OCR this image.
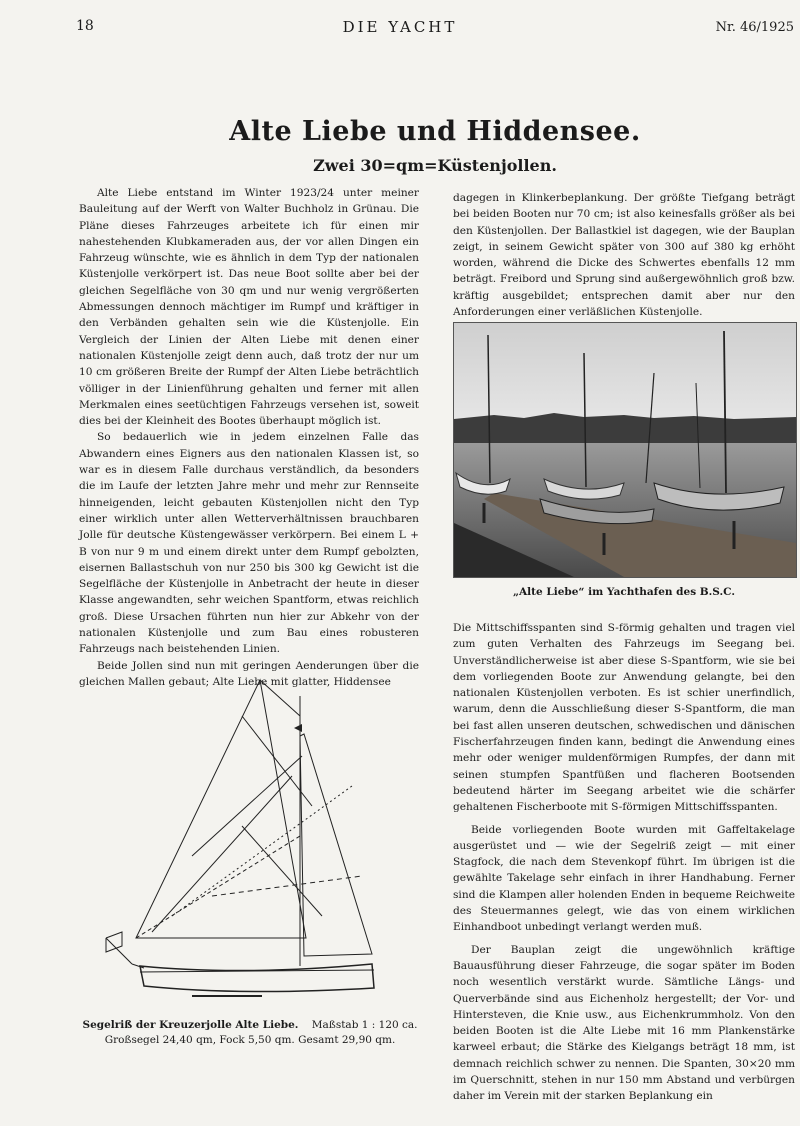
18	DIE YACHT	Nr. 46/1925
Alte Liebe und Hiddensee.
Zwei 30=qm=Küstenjollen.

Alte Liebe entstand im Winter 1923/24 unter meiner Bauleitung auf der Werft von Walter Buchholz in Grünau. Die Pläne dieses Fahrzeuges arbeitete ich für einen mir nahestehenden Klubkameraden aus, der vor allen Dingen ein Fahrzeug wünschte, wie es ähnlich in dem Typ der nationalen Küstenjolle verkörpert ist. Das neue Boot sollte aber bei der gleichen Segelfläche von 30 qm und nur wenig vergrößerten Abmessungen dennoch mächtiger im Rumpf und kräftiger in den Verbänden gehalten sein wie die Küstenjolle. Ein Vergleich der Linien der Alten Liebe mit denen einer nationalen Küstenjolle zeigt denn auch, daß trotz der nur um 10 cm größeren Breite der Rumpf der Alten Liebe beträchtlich völliger in der Linienführung gehalten und ferner mit allen Merkmalen eines seetüchtigen Fahrzeugs versehen ist, soweit dies bei der Kleinheit des Bootes überhaupt möglich ist.

So bedauerlich wie in jedem einzelnen Falle das Abwandern eines Eigners aus den nationalen Klassen ist, so war es in diesem Falle durchaus verständlich, da besonders die im Laufe der letzten Jahre mehr und mehr zur Rennseite hinneigenden, leicht gebauten Küstenjollen nicht den Typ einer wirklich unter allen Wetterverhältnissen brauchbaren Jolle für deutsche Küstengewässer verkörpern. Bei einem L + B von nur 9 m und einem direkt unter dem Rumpf gebolzten, eisernen Ballastschuh von nur 250 bis 300 kg Gewicht ist die Segelfläche der Küstenjolle in Anbetracht der heute in dieser Klasse angewandten, sehr weichen Spantform, etwas reichlich groß. Diese Ursachen führten nun hier zur Abkehr von der nationalen Küstenjolle und zum Bau eines robusteren Fahrzeugs nach beistehenden Linien.

Beide Jollen sind nun mit geringen Aenderungen über die gleichen Mallen gebaut; Alte Liebe mit glatter, Hiddensee

dagegen in Klinkerbeplankung. Der größte Tiefgang beträgt bei beiden Booten nur 70 cm; ist also keinesfalls größer als bei den Küstenjollen. Der Ballastkiel ist dagegen, wie der Bauplan zeigt, in seinem Gewicht später von 300 auf 380 kg erhöht worden, während die Dicke des Schwertes ebenfalls 12 mm beträgt. Freibord und Sprung sind außergewöhnlich groß bzw. kräftig ausgebildet; entsprechen damit aber nur den Anforderungen einer verläßlichen Küstenjolle.

„Alte Liebe“ im Yachthafen des B.S.C.

Die Mittschiffsspanten sind S-förmig gehalten und tragen viel zum guten Verhalten des Fahrzeugs im Seegang bei. Unverständlicherweise ist aber diese S-Spantform, wie sie bei dem vorliegenden Boote zur Anwendung gelangte, bei den nationalen Küstenjollen verboten. Es ist schier unerfindlich, warum, denn die Ausschließung dieser S-Spantform, die man bei fast allen unseren deutschen, schwedischen und dänischen Fischerfahrzeugen finden kann, bedingt die Anwendung eines mehr oder weniger muldenförmigen Rumpfes, der dann mit seinen stumpfen Spantfüßen und flacheren Bootsenden bedeutend härter im Seegang arbeitet wie die schärfer gehaltenen Fischerboote mit S-förmigen Mittschiffsspanten.

Beide vorliegenden Boote wurden mit Gaffeltakelage ausgerüstet und — wie der Segelriß zeigt — mit einer Stagfock, die nach dem Stevenkopf führt. Im übrigen ist die gewählte Takelage sehr einfach in ihrer Handhabung. Ferner sind die Klampen aller holenden Enden in bequeme Reichweite des Steuermannes gelegt, wie das von einem wirklichen Einhandboot unbedingt verlangt werden muß.

Der Bauplan zeigt die ungewöhnlich kräftige Bauausführung dieser Fahrzeuge, die sogar später im Boden noch wesentlich verstärkt wurde. Sämtliche Längs- und Querverbände sind aus Eichenholz hergestellt; der Vor- und Hintersteven, die Knie usw., aus Eichenkrummholz. Von den beiden Booten ist die Alte Liebe mit 16 mm Plankenstärke karweel erbaut; die Stärke des Kielgangs beträgt 18 mm, ist demnach reichlich schwer zu nennen. Die Spanten, 30×20 mm im Querschnitt, stehen in nur 150 mm Abstand und verbürgen daher im Verein mit der starken Beplankung ein

Segelriß der Kreuzerjolle Alte Liebe. Maßstab 1 : 120 ca.
Großsegel 24,40 qm, Fock 5,50 qm. Gesamt 29,90 qm.
